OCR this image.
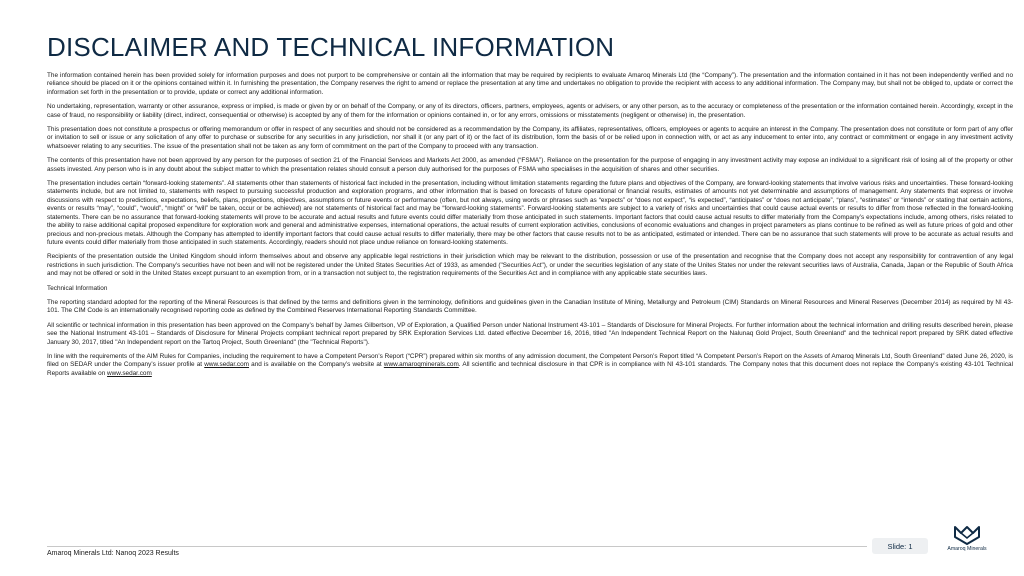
DISCLAIMER AND TECHNICAL INFORMATION

The information contained herein has been provided solely for information purposes and does not purport to be comprehensive or contain all the information that may be required by recipients to evaluate Amaroq Minerals Ltd (the “Company”). The presentation and the information contained in it has not been independently verified and no reliance should be placed on it or the opinions contained within it. In furnishing the presentation, the Company reserves the right to amend or replace the presentation at any time and undertakes no obligation to provide the recipient with access to any additional information. The Company may, but shall not be obliged to, update or correct the information set forth in the presentation or to provide, update or correct any additional information.

No undertaking, representation, warranty or other assurance, express or implied, is made or given by or on behalf of the Company, or any of its directors, officers, partners, employees, agents or advisers, or any other person, as to the accuracy or completeness of the presentation or the information contained herein. Accordingly, except in the case of fraud, no responsibility or liability (direct, indirect, consequential or otherwise) is accepted by any of them for the information or opinions contained in, or for any errors, omissions or misstatements (negligent or otherwise) in, the presentation.

This presentation does not constitute a prospectus or offering memorandum or offer in respect of any securities and should not be considered as a recommendation by the Company, its affiliates, representatives, officers, employees or agents to acquire an interest in the Company. The presentation does not constitute or form part of any offer or invitation to sell or issue or any solicitation of any offer to purchase or subscribe for any securities in any jurisdiction, nor shall it (or any part of it) or the fact of its distribution, form the basis of or be relied upon in connection with, or act as any inducement to enter into, any contract or commitment or engage in any investment activity whatsoever relating to any securities. The issue of the presentation shall not be taken as any form of commitment on the part of the Company to proceed with any transaction.

The contents of this presentation have not been approved by any person for the purposes of section 21 of the Financial Services and Markets Act 2000, as amended (“FSMA”). Reliance on the presentation for the purpose of engaging in any investment activity may expose an individual to a significant risk of losing all of the property or other assets invested. Any person who is in any doubt about the subject matter to which the presentation relates should consult a person duly authorised for the purposes of FSMA who specialises in the acquisition of shares and other securities.

The presentation includes certain “forward-looking statements”. All statements other than statements of historical fact included in the presentation, including without limitation statements regarding the future plans and objectives of the Company, are forward-looking statements that involve various risks and uncertainties. These forward-looking statements include, but are not limited to, statements with respect to pursuing successful production and exploration programs, and other information that is based on forecasts of future operational or financial results, estimates of amounts not yet determinable and assumptions of management. Any statements that express or involve discussions with respect to predictions, expectations, beliefs, plans, projections, objectives, assumptions or future events or performance (often, but not always, using words or phrases such as “expects” or “does not expect”, “is expected”, “anticipates” or “does not anticipate”, “plans”, “estimates” or “intends” or stating that certain actions, events or results “may”, “could”, “would”, “might” or “will” be taken, occur or be achieved) are not statements of historical fact and may be “forward-looking statements”. Forward-looking statements are subject to a variety of risks and uncertainties that could cause actual events or results to differ from those reflected in the forward-looking statements. There can be no assurance that forward-looking statements will prove to be accurate and actual results and future events could differ materially from those anticipated in such statements. Important factors that could cause actual results to differ materially from the Company’s expectations include, among others, risks related to the ability to raise additional capital proposed expenditure for exploration work and general and administrative expenses, international operations, the actual results of current exploration activities, conclusions of economic evaluations and changes in project parameters as plans continue to be refined as well as future prices of gold and other precious and non-precious metals. Although the Company has attempted to identify important factors that could cause actual results to differ materially, there may be other factors that cause results not to be as anticipated, estimated or intended. There can be no assurance that such statements will prove to be accurate as actual results and future events could differ materially from those anticipated in such statements. Accordingly, readers should not place undue reliance on forward-looking statements.

Recipients of the presentation outside the United Kingdom should inform themselves about and observe any applicable legal restrictions in their jurisdiction which may be relevant to the distribution, possession or use of the presentation and recognise that the Company does not accept any responsibility for contravention of any legal restrictions in such jurisdiction. The Company’s securities have not been and will not be registered under the United States Securities Act of 1933, as amended ("Securities Act"), or under the securities legislation of any state of the Unites States nor under the relevant securities laws of Australia, Canada, Japan or the Republic of South Africa and may not be offered or sold in the United States except pursuant to an exemption from, or in a transaction not subject to, the registration requirements of the Securities Act and in compliance with any applicable state securities laws.

Technical Information

The reporting standard adopted for the reporting of the Mineral Resources is that defined by the terms and definitions given in the terminology, definitions and guidelines given in the Canadian Institute of Mining, Metallurgy and Petroleum (CIM) Standards on Mineral Resources and Mineral Reserves (December 2014) as required by NI 43-101. The CIM Code is an internationally recognised reporting code as defined by the Combined Reserves International Reporting Standards Committee.

All scientific or technical information in this presentation has been approved on the Company’s behalf by James Gilbertson, VP of Exploration, a Qualified Person under National Instrument 43-101 – Standards of Disclosure for Mineral Projects. For further information about the technical information and drilling results described herein, please see the National Instrument 43-101 – Standards of Disclosure for Mineral Projects compliant technical report prepared by SRK Exploration Services Ltd. dated effective December 16, 2016, titled "An Independent Technical Report on the Nalunaq Gold Project, South Greenland" and the technical report prepared by SRK dated effective January 30, 2017, titled "An Independent report on the Tartoq Project, South Greenland" (the "Technical Reports").

In line with the requirements of the AIM Rules for Companies, including the requirement to have a Competent Person’s Report (“CPR”) prepared within six months of any admission document, the Competent Person’s Report titled “A Competent Person’s Report on the Assets of Amaroq Minerals Ltd, South Greenland” dated June 26, 2020, is filed on SEDAR under the Company’s issuer profile at www.sedar.com and is available on the Company’s website at www.amaroqminerals.com. All scientific and technical disclosure in that CPR is in compliance with NI 43-101 standards. The Company notes that this document does not replace the Company’s existing 43-101 Technical Reports available on www.sedar.com

Amaroq Minerals Ltd: Nanoq 2023 Results
Slide: 1	Amaroq Minerals
